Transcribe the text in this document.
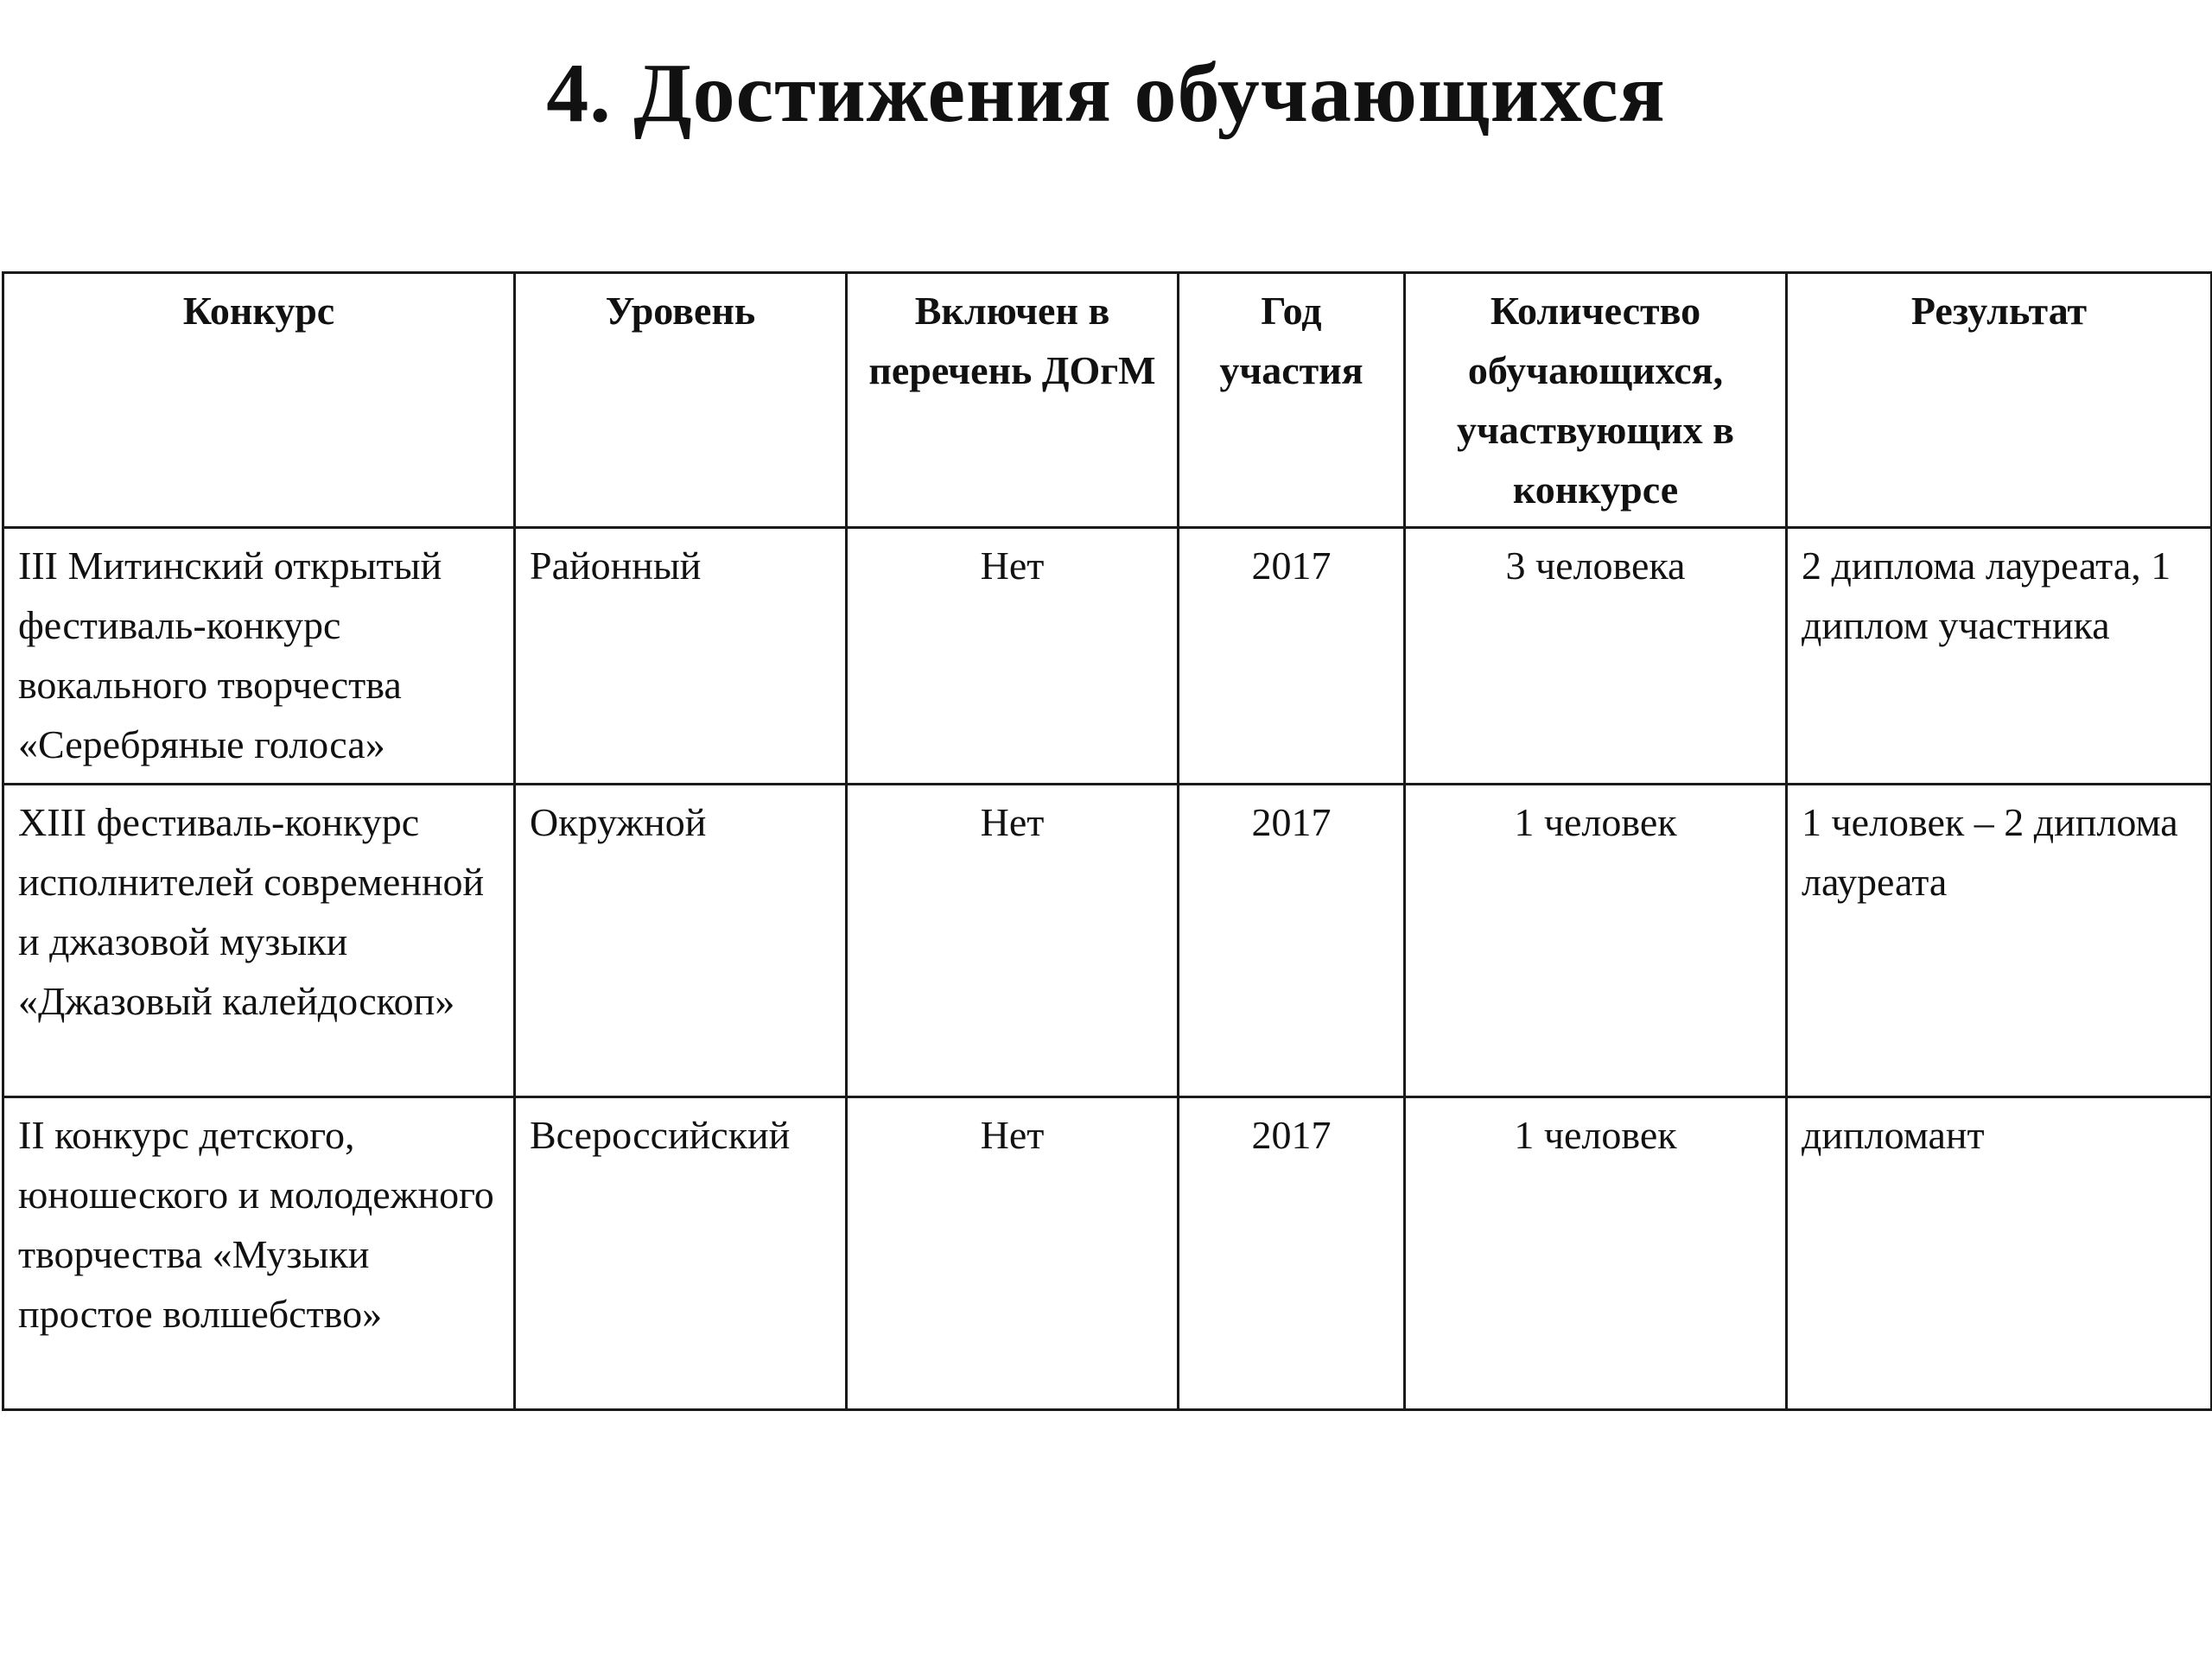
4. Достижения обучающихся
Конкурс	Уровень	Включен в перечень ДОгМ	Год участия	Количество обучающихся, участвующих в конкурсе	Результат
III Митинский открытый фестиваль-конкурс вокального творчества «Серебряные голоса»	Районный	Нет	2017	3 человека	2 диплома лауреата, 1 диплом участника
XIII фестиваль-конкурс исполнителей современной и джазовой музыки «Джазовый калейдоскоп»	Окружной	Нет	2017	1 человек	1 человек – 2 диплома лауреата
II конкурс детского, юношеского и молодежного творчества «Музыки простое волшебство»	Всероссийский	Нет	2017	1 человек	дипломант
